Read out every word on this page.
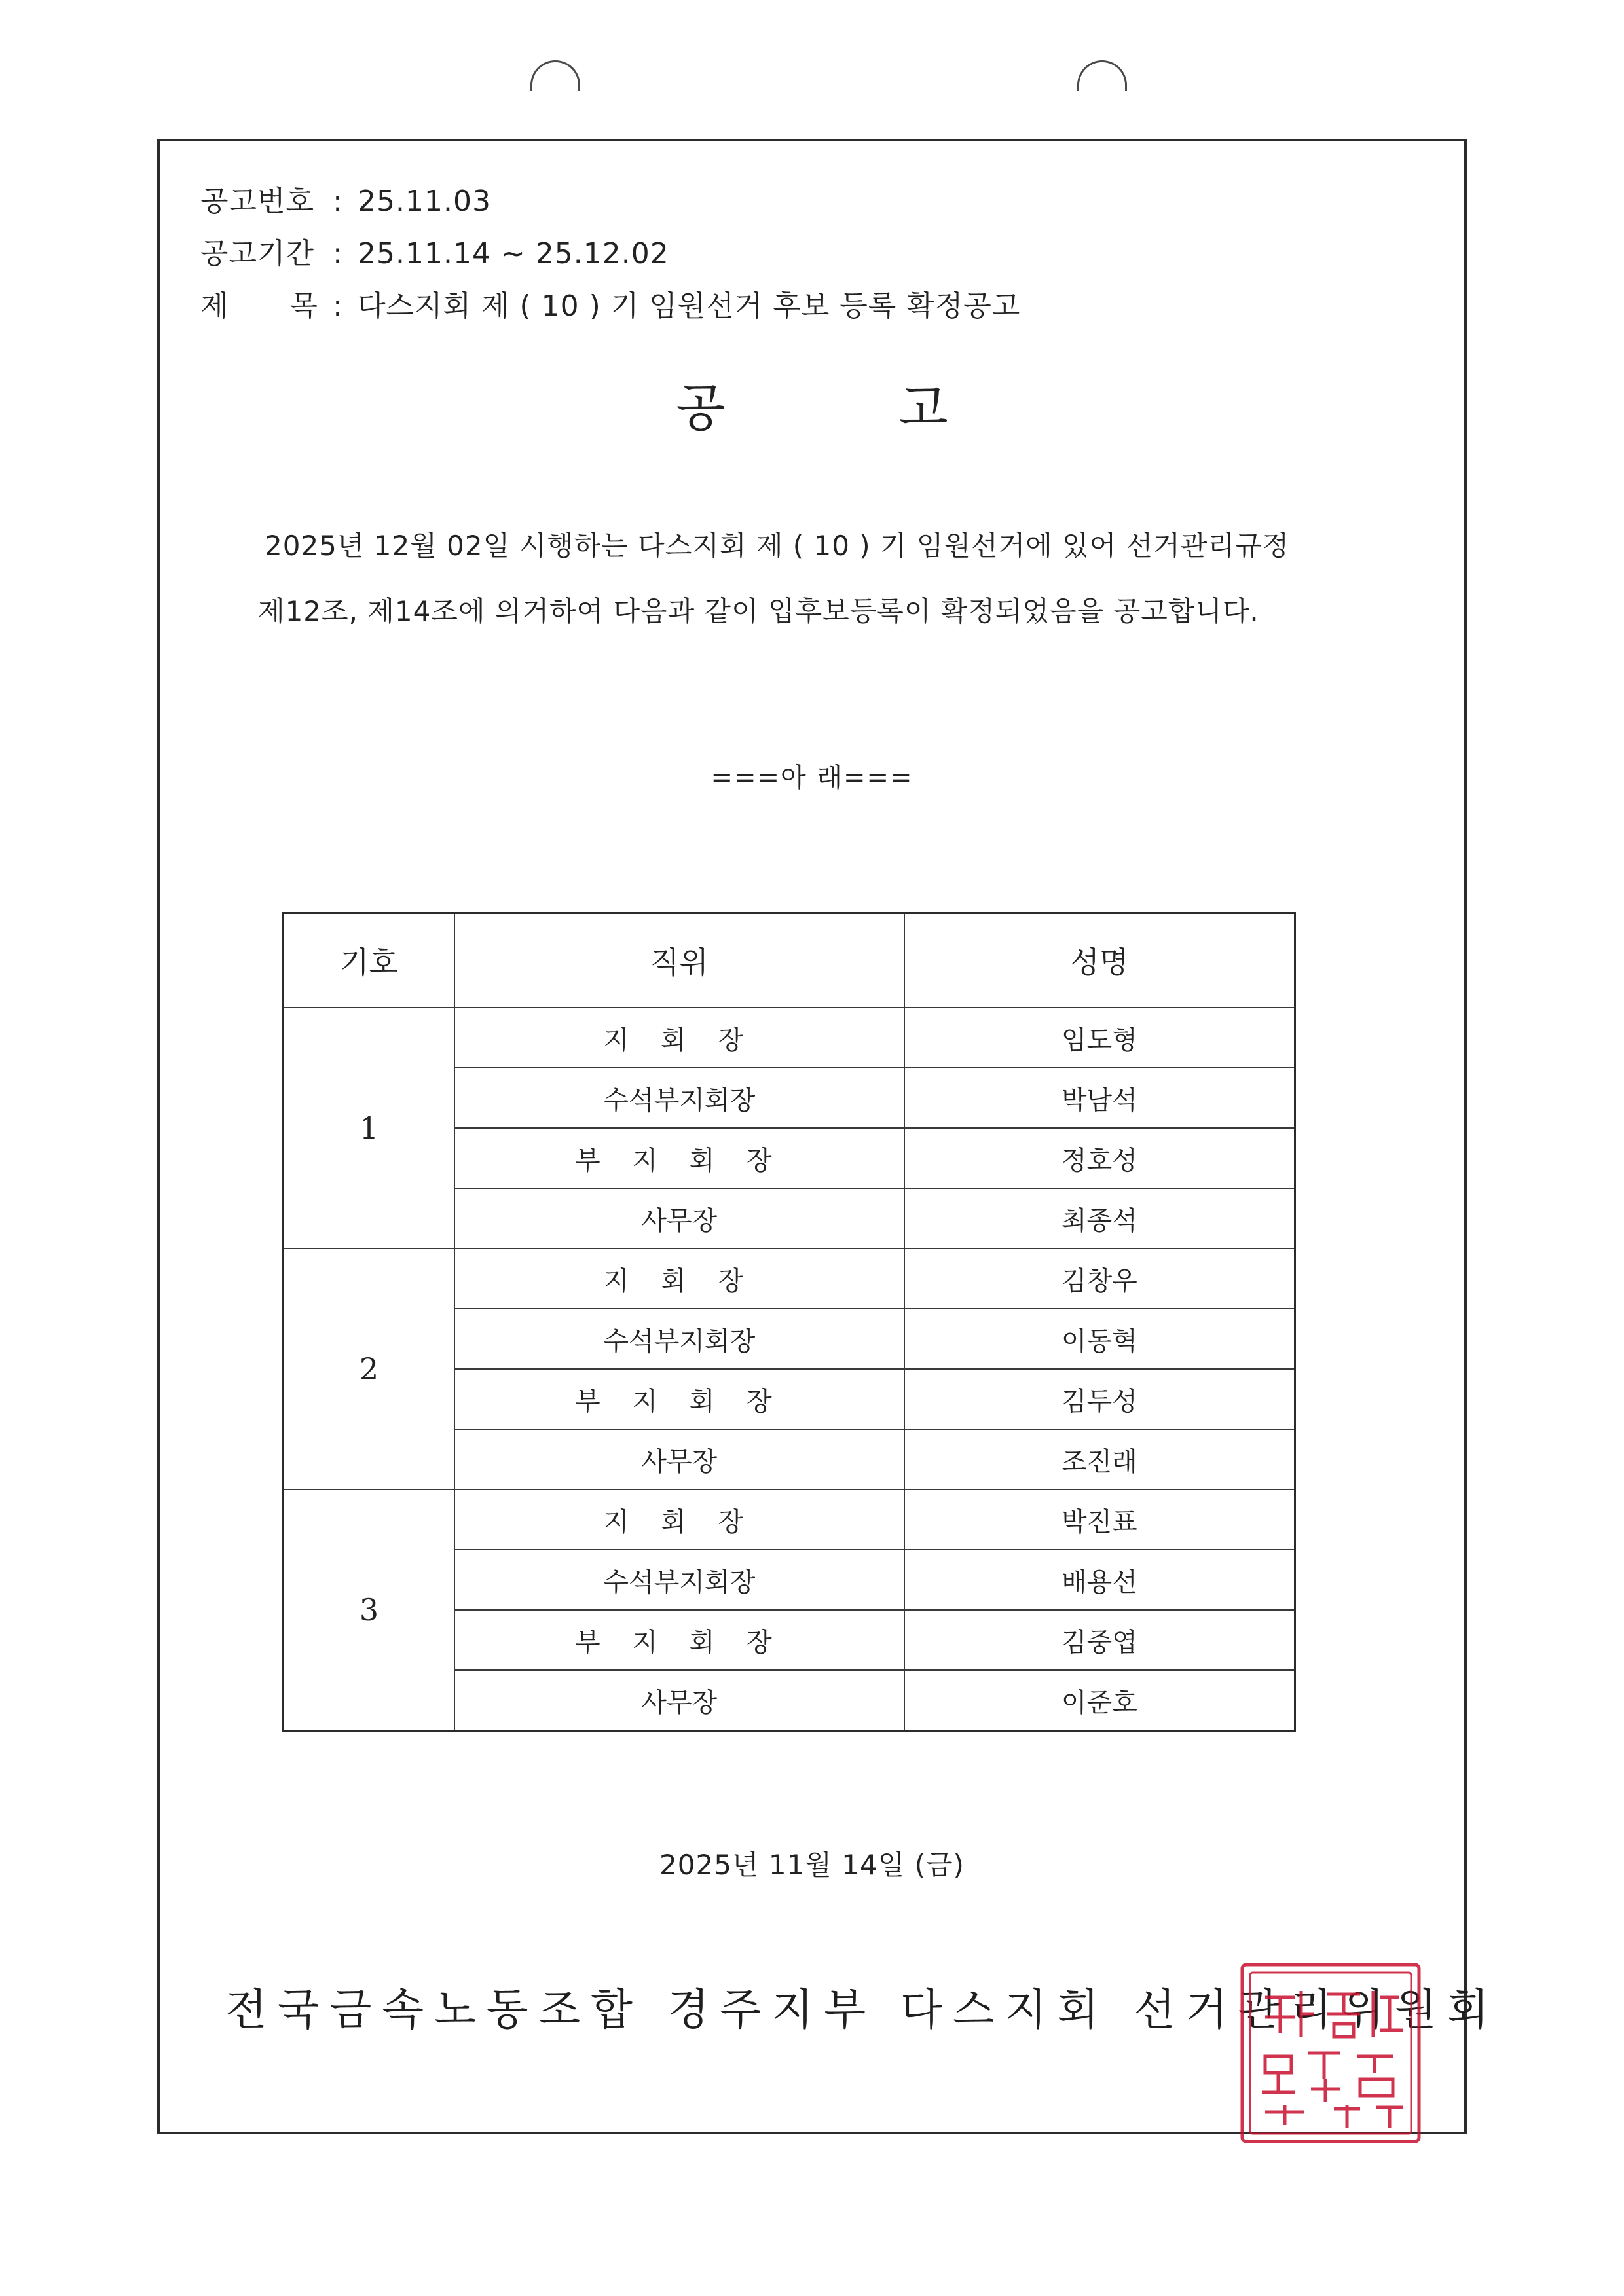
공고번호 : 25.11.03
공고기간 : 25.11.14 ~ 25.12.02
제 목 : 다스지회 제 ( 10 ) 기 임원선거 후보 등록 확정공고
공 고
2025년 12월 02일 시행하는 다스지회 제 ( 10 ) 기 임원선거에 있어 선거관리규정
제12조, 제14조에 의거하여 다음과 같이 입후보등록이 확정되었음을 공고합니다.
===아 래===
기호	직위	성명
1	지 회 장	임도형
	수석부지회장	박남석
	부 지 회 장	정호성
	사무장	최종석
2	지 회 장	김창우
	수석부지회장	이동혁
	부 지 회 장	김두성
	사무장	조진래
3	지 회 장	박진표
	수석부지회장	배용선
	부 지 회 장	김중엽
	사무장	이준호
2025년 11월 14일 (금)
전국금속노동조합 경주지부 다스지회 선거관리위원회
